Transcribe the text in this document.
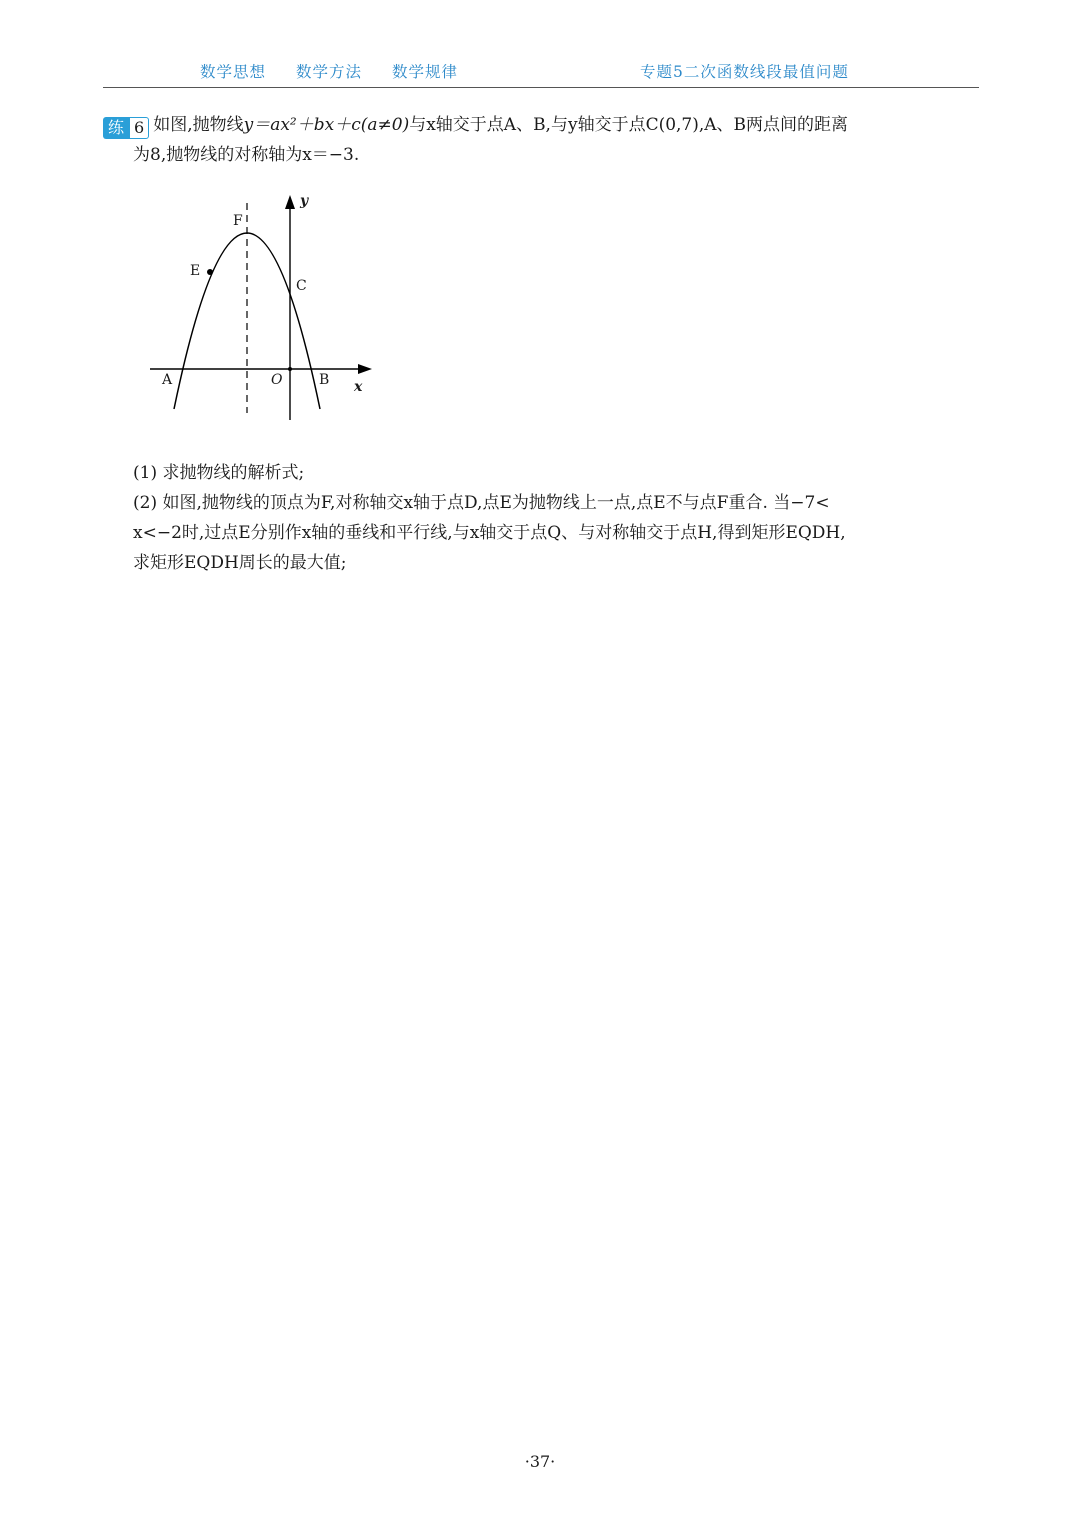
数学思想 数学方法 数学规律	专题5二次函数线段最值问题
练 6 如图,抛物线y＝ax²＋bx＋c(a≠0)与x轴交于点A、B,与y轴交于点C(0,7),A、B两点间的距离
为8,抛物线的对称轴为x＝−3.
F
E
C
A	O	B x
y

(1) 求抛物线的解析式;

(2) 如图,抛物线的顶点为F,对称轴交x轴于点D,点E为抛物线上一点,点E不与点F重合. 当−7<

x<−2时,过点E分别作x轴的垂线和平行线,与x轴交于点Q、与对称轴交于点H,得到矩形EQDH,

求矩形EQDH周长的最大值;

·37·
